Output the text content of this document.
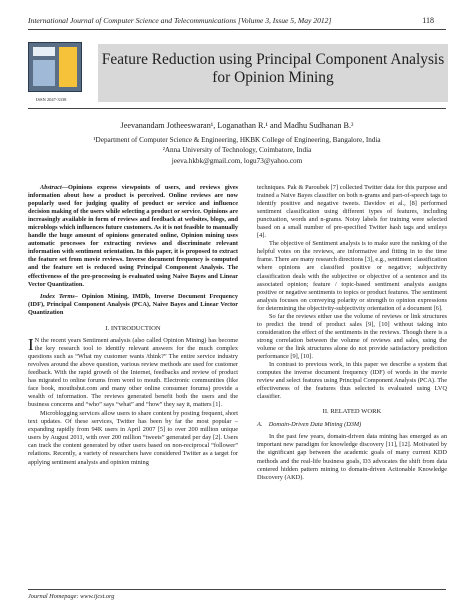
International Journal of Computer Science and Telecommunications [Volume 3, Issue 5, May 2012]	118
ISSN 2047-3338
Feature Reduction using Principal Component Analysis for Opinion Mining
Jeevanandam Jotheeswaran¹, Loganathan R.¹ and Madhu Sudhanan B.²
¹Department of Computer Science & Engineering, HKBK College of Engineering, Bangalore, India
²Anna University of Technology, Coimbatore, India
jeeva.hkbk@gmail.com, logu73@yahoo.com

Abstract—Opinions express viewpoints of users, and reviews gives information about how a product is perceived. Online reviews are now popularly used for judging quality of product or service and influence decision making of the users while selecting a product or service. Opinions are increasingly available in form of reviews and feedback at websites, blogs, and microblogs which influences future customers. As it is not feasible to manually handle the huge amount of opinions generated online, Opinion mining uses automatic processes for extracting reviews and discriminate relevant information with sentiment orientation. In this paper, it is proposed to extract the feature set from movie reviews. Inverse document frequency is computed and the feature set is reduced using Principal Component Analysis. The effectiveness of the pre-processing is evaluated using Naive Bayes and Linear Vector Quantization.

Index Terms– Opinion Mining, IMDb, Inverse Document Frequency (IDF), Principal Component Analysis (PCA), Naive Bayes and Linear Vector Quantization

I. INTRODUCTION

I N the recent years Sentiment analysis (also called Opinion Mining) has become the key research tool to identify relevant answers for the much complex questions such as “What my customer wants /think?” The entire service industry revolves around the above question, various review methods are used for customer feedback. With the rapid growth of the Internet, feedbacks and review of product has migrated to online forums from word to mouth. Electronic communities (like face book, mouthshut.com and many other online consumer forums) provide a wealth of information. The reviews generated benefit both the users and the business concerns and “who” says “what” and “how” they say it, matters [1].

Microblogging services allow users to share content by posting frequent, short text updates. Of these services, Twitter has been by far the most popular – expanding rapidly from 94K users in April 2007 [5] to over 200 million unique users by August 2011, with over 200 million “tweets” generated per day [2]. Users can track the content generated by other users based on non-reciprocal “follower” relations. Recently, a variety of researchers have considered Twitter as a target for applying sentiment analysis and opinion mining

techniques. Pak & Paroubek [7] collected Twitter data for this purpose and trained a Naive Bayes classifier on both n-grams and part-of-speech tags to identify positive and negative tweets. Davidov et al., [8] performed sentiment classification using different types of features, including punctuation, words and n-grams. Noisy labels for training were selected based on a small number of pre-specified Twitter hash tags and smileys [4].

The objective of Sentiment analysis is to make sure the ranking of the helpful votes on the reviews, are informative and fitting in to the time frame. There are many research directions [3], e.g., sentiment classification where opinions are classified positive or negative; subjectivity classification deals with the subjective or objective of a sentence and its associated opinion; feature / topic-based sentiment analysis assigns positive or negative sentiments to topics or product features. The sentiment analysis focuses on conveying polarity or strength to opinion expressions for determining the objectivity-subjectivity orientation of a document [6].

So far the reviews either use the volume of reviews or link structures to predict the trend of product sales [9], [10] without taking into consideration the effect of the sentiments in the reviews. Though there is a strong correlation between the volume of reviews and sales, using the volume or the link structures alone do not provide satisfactory prediction performance [9], [10].

In contrast to previous work, in this paper we describe a system that computes the inverse document frequency (IDF) of words in the movie review and select features using Principal Component Analysis (PCA). The effectiveness of the features thus selected is evaluated using LVQ classifier.

II. RELATED WORK

A. Domain-Driven Data Mining (D3M)

In the past few years, domain-driven data mining has emerged as an important new paradigm for knowledge discovery [11], [12]. Motivated by the significant gap between the academic goals of many current KDD methods and the real-life business goals, D3 advocates the shift from data centered hidden pattern mining to domain-driven Actionable Knowledge Discovery (AKD).

Journal Homepage: www.ijcst.org
